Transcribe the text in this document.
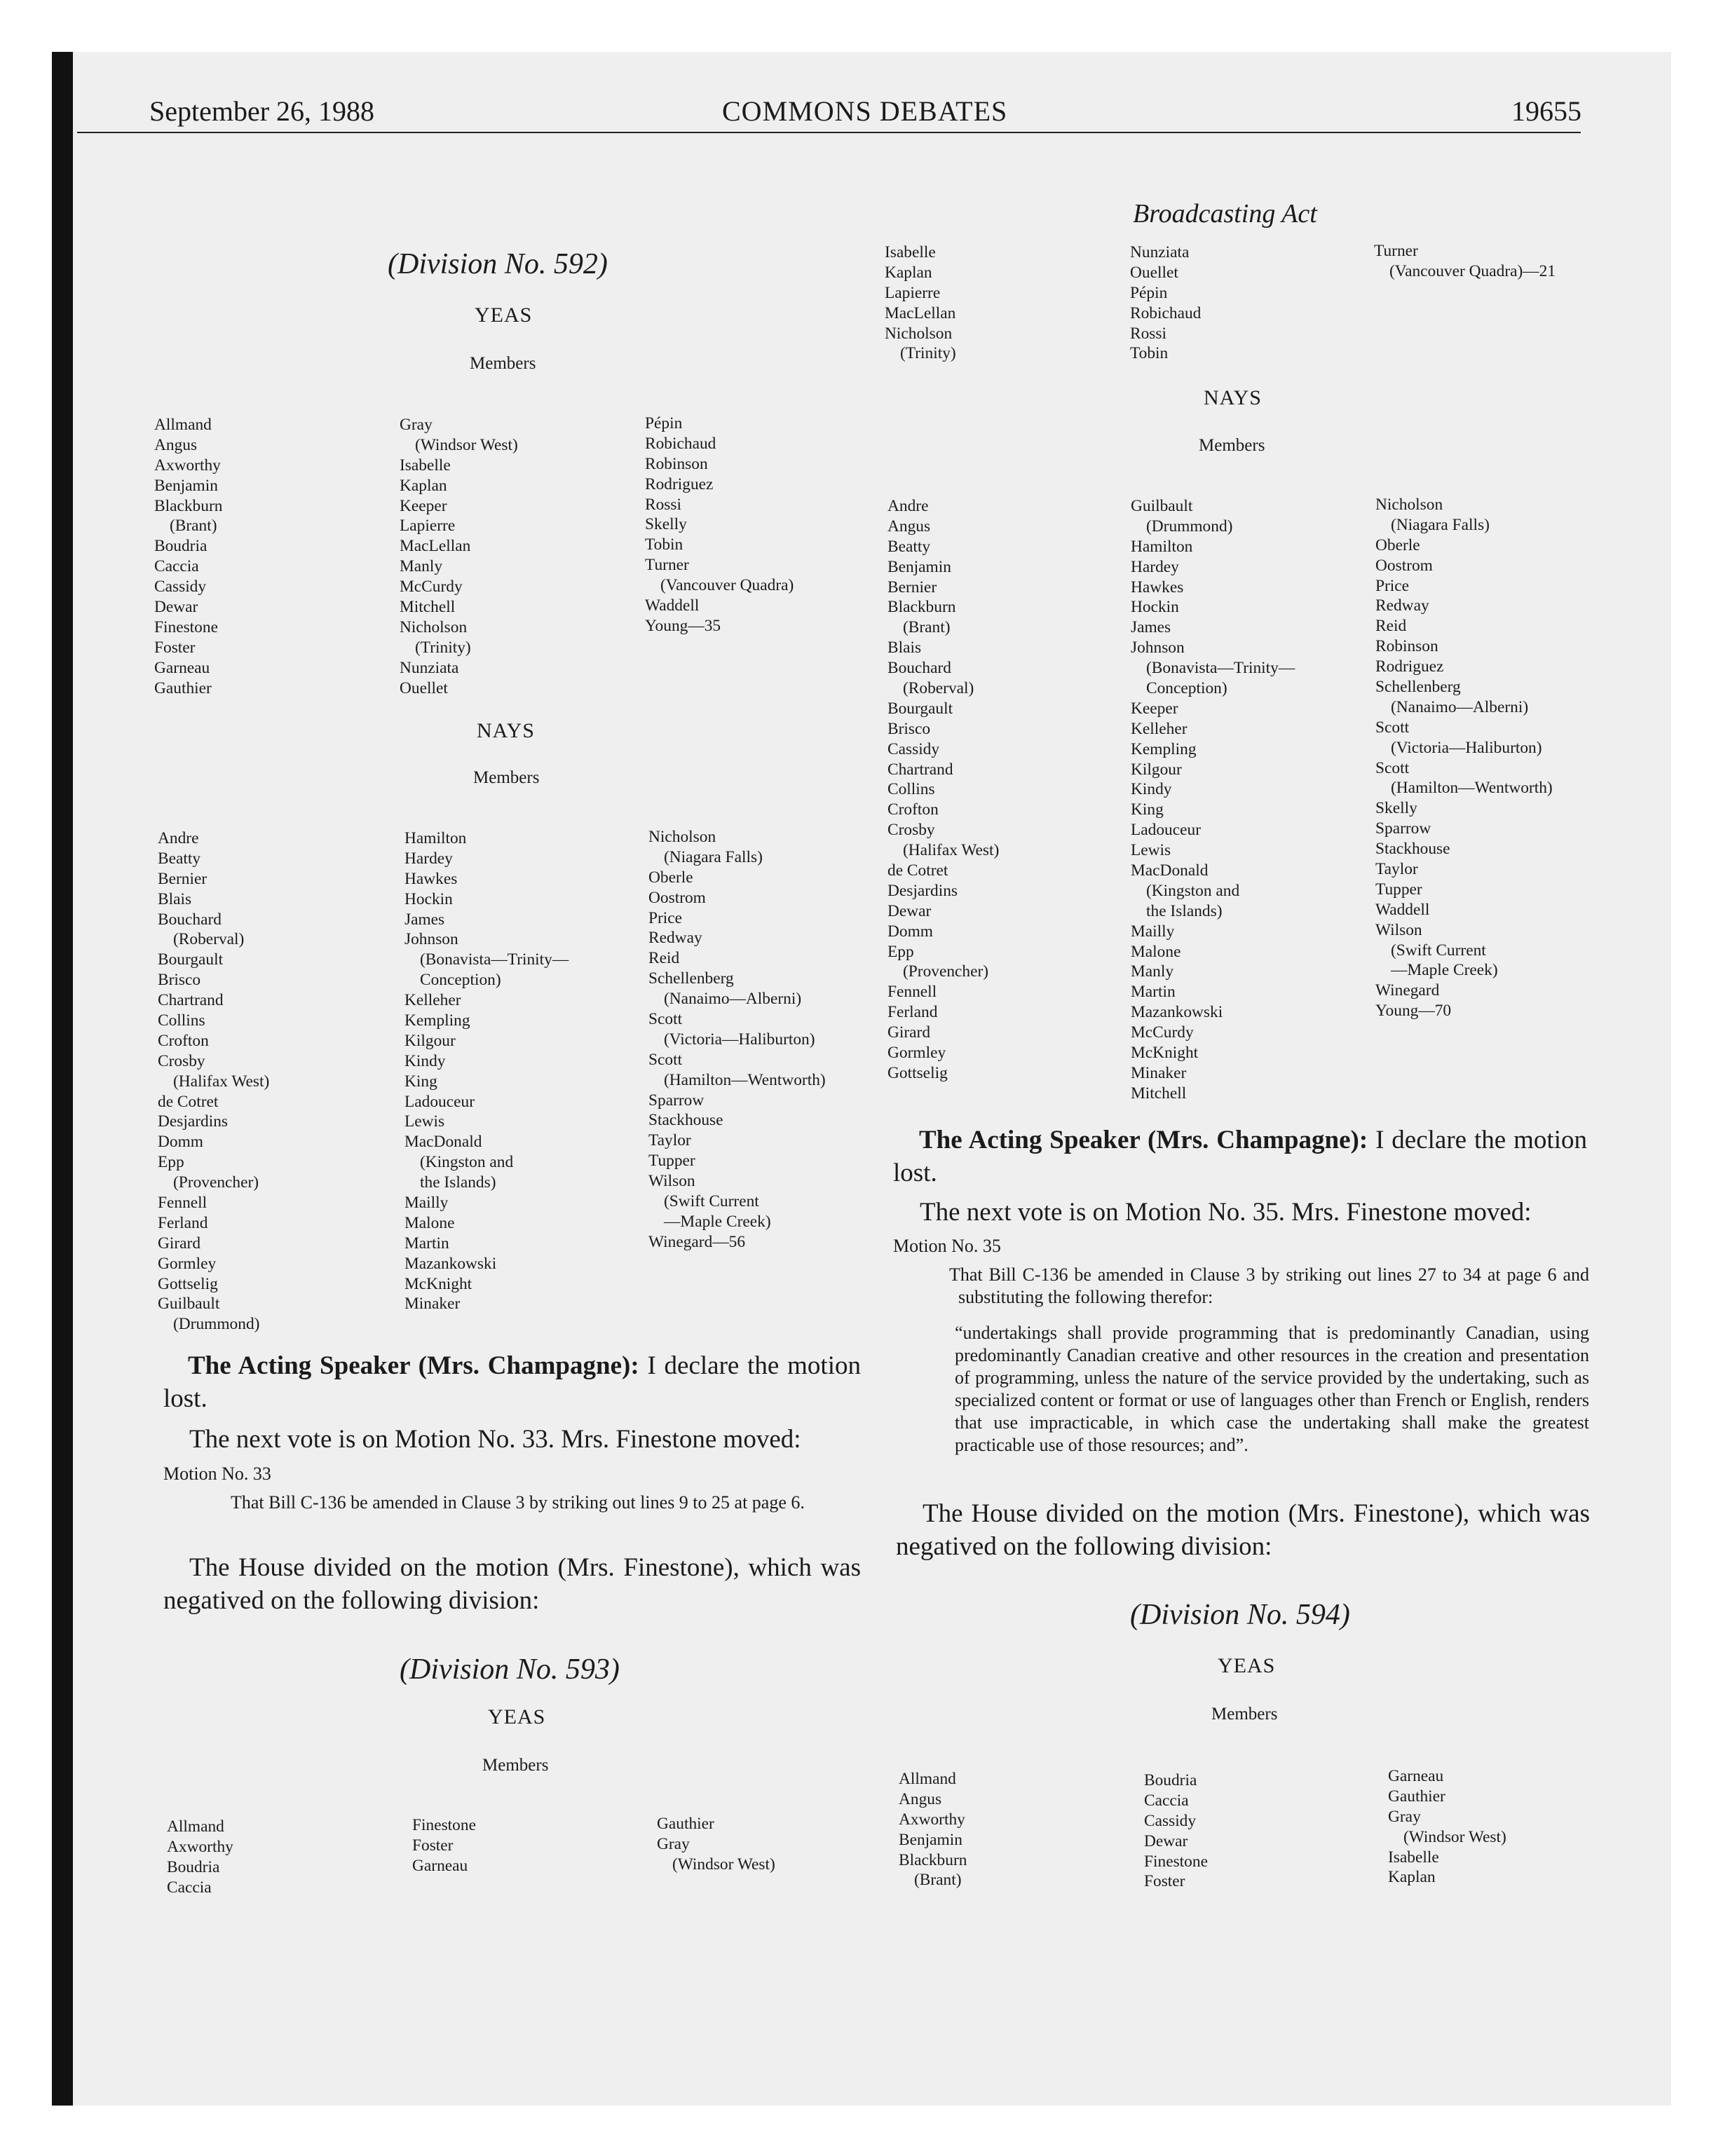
September 26, 1988	COMMONS DEBATES	19655
Broadcasting Act
(Division No. 592)
YEAS
Members
Allmand
Angus
Axworthy
Benjamin
Blackburn
(Brant)
Boudria
Caccia
Cassidy
Dewar
Finestone
Foster
Garneau
Gauthier
Gray
(Windsor West)
Isabelle
Kaplan
Keeper
Lapierre
MacLellan
Manly
McCurdy
Mitchell
Nicholson
(Trinity)
Nunziata
Ouellet
Pépin
Robichaud
Robinson
Rodriguez
Rossi
Skelly
Tobin
Turner
(Vancouver Quadra)
Waddell
Young—35
NAYS
Members
Andre
Beatty
Bernier
Blais
Bouchard
(Roberval)
Bourgault
Brisco
Chartrand
Collins
Crofton
Crosby
(Halifax West)
de Cotret
Desjardins
Domm
Epp
(Provencher)
Fennell
Ferland
Girard
Gormley
Gottselig
Guilbault
(Drummond)
Hamilton
Hardey
Hawkes
Hockin
James
Johnson
(Bonavista—Trinity—
Conception)
Kelleher
Kempling
Kilgour
Kindy
King
Ladouceur
Lewis
MacDonald
(Kingston and
the Islands)
Mailly
Malone
Martin
Mazankowski
McKnight
Minaker
Nicholson
(Niagara Falls)
Oberle
Oostrom
Price
Redway
Reid
Schellenberg
(Nanaimo—Alberni)
Scott
(Victoria—Haliburton)
Scott
(Hamilton—Wentworth)
Sparrow
Stackhouse
Taylor
Tupper
Wilson
(Swift Current
—Maple Creek)
Winegard—56
The Acting Speaker (Mrs. Champagne): I declare the motion lost.
The next vote is on Motion No. 33. Mrs. Finestone moved:
Motion No. 33
That Bill C-136 be amended in Clause 3 by striking out lines 9 to 25 at page 6.
The House divided on the motion (Mrs. Finestone), which was negatived on the following division:
(Division No. 593)
YEAS
Members
Allmand
Axworthy
Boudria
Caccia
Finestone
Foster
Garneau
Gauthier
Gray
(Windsor West)
Isabelle
Kaplan
Lapierre
MacLellan
Nicholson
(Trinity)
Nunziata
Ouellet
Pépin
Robichaud
Rossi
Tobin
Turner
(Vancouver Quadra)—21
NAYS
Members
Andre
Angus
Beatty
Benjamin
Bernier
Blackburn
(Brant)
Blais
Bouchard
(Roberval)
Bourgault
Brisco
Cassidy
Chartrand
Collins
Crofton
Crosby
(Halifax West)
de Cotret
Desjardins
Dewar
Domm
Epp
(Provencher)
Fennell
Ferland
Girard
Gormley
Gottselig
Guilbault
(Drummond)
Hamilton
Hardey
Hawkes
Hockin
James
Johnson
(Bonavista—Trinity—
Conception)
Keeper
Kelleher
Kempling
Kilgour
Kindy
King
Ladouceur
Lewis
MacDonald
(Kingston and
the Islands)
Mailly
Malone
Manly
Martin
Mazankowski
McCurdy
McKnight
Minaker
Mitchell
Nicholson
(Niagara Falls)
Oberle
Oostrom
Price
Redway
Reid
Robinson
Rodriguez
Schellenberg
(Nanaimo—Alberni)
Scott
(Victoria—Haliburton)
Scott
(Hamilton—Wentworth)
Skelly
Sparrow
Stackhouse
Taylor
Tupper
Waddell
Wilson
(Swift Current
—Maple Creek)
Winegard
Young—70
The Acting Speaker (Mrs. Champagne): I declare the motion lost.
The next vote is on Motion No. 35. Mrs. Finestone moved:
Motion No. 35
That Bill C-136 be amended in Clause 3 by striking out lines 27 to 34 at page 6 and substituting the following therefor:
“undertakings shall provide programming that is predominantly Canadian, using predominantly Canadian creative and other resources in the creation and presentation of programming, unless the nature of the service provided by the undertaking, such as specialized content or format or use of languages other than French or English, renders that use impracticable, in which case the undertaking shall make the greatest practicable use of those resources; and”.
The House divided on the motion (Mrs. Finestone), which was negatived on the following division:
(Division No. 594)
YEAS
Members
Allmand
Angus
Axworthy
Benjamin
Blackburn
(Brant)
Boudria
Caccia
Cassidy
Dewar
Finestone
Foster
Garneau
Gauthier
Gray
(Windsor West)
Isabelle
Kaplan
